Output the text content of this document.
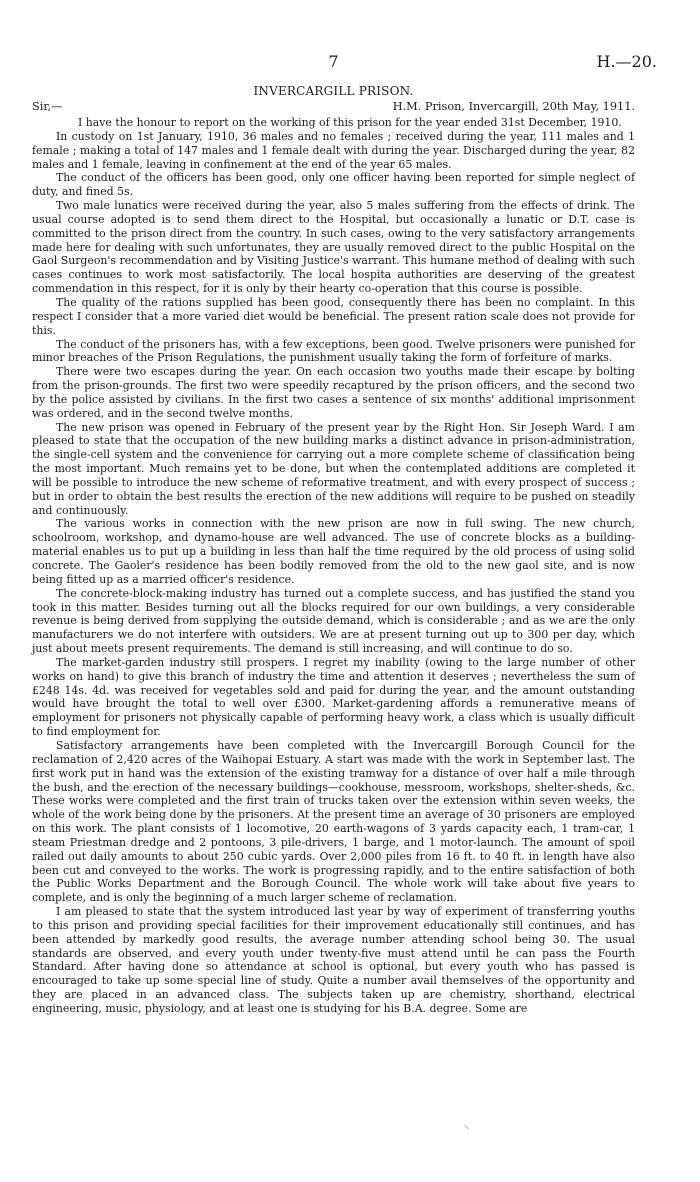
7	H.—20.
INVERCARGILL PRISON.
Sir,—	H.M. Prison, Invercargill, 20th May, 1911.

I have the honour to report on the working of this prison for the year ended 31st December, 1910.

In custody on 1st January, 1910, 36 males and no females ; received during the year, 111 males and 1 female ; making a total of 147 males and 1 female dealt with during the year. Discharged during the year, 82 males and 1 female, leaving in confinement at the end of the year 65 males.

The conduct of the officers has been good, only one officer having been reported for simple neglect of duty, and fined 5s.

Two male lunatics were received during the year, also 5 males suffering from the effects of drink. The usual course adopted is to send them direct to the Hospital, but occasionally a lunatic or D.T. case is committed to the prison direct from the country. In such cases, owing to the very satisfactory arrangements made here for dealing with such unfortunates, they are usually removed direct to the public Hospital on the Gaol Surgeon's recommendation and by Visiting Justice's warrant. This humane method of dealing with such cases continues to work most satisfactorily. The local hospita authorities are deserving of the greatest commendation in this respect, for it is only by their hearty co-operation that this course is possible.

The quality of the rations supplied has been good, consequently there has been no complaint. In this respect I consider that a more varied diet would be beneficial. The present ration scale does not provide for this.

The conduct of the prisoners has, with a few exceptions, been good. Twelve prisoners were punished for minor breaches of the Prison Regulations, the punishment usually taking the form of forfeiture of marks.

There were two escapes during the year. On each occasion two youths made their escape by bolting from the prison-grounds. The first two were speedily recaptured by the prison officers, and the second two by the police assisted by civilians. In the first two cases a sentence of six months' additional imprisonment was ordered, and in the second twelve months.

The new prison was opened in February of the present year by the Right Hon. Sir Joseph Ward. I am pleased to state that the occupation of the new building marks a distinct advance in prison-administration, the single-cell system and the convenience for carrying out a more complete scheme of classification being the most important. Much remains yet to be done, but when the contemplated additions are completed it will be possible to introduce the new scheme of reformative treatment, and with every prospect of success ; but in order to obtain the best results the erection of the new additions will require to be pushed on steadily and continuously.

The various works in connection with the new prison are now in full swing. The new church, schoolroom, workshop, and dynamo-house are well advanced. The use of concrete blocks as a building-material enables us to put up a building in less than half the time required by the old process of using solid concrete. The Gaoler's residence has been bodily removed from the old to the new gaol site, and is now being fitted up as a married officer's residence.

The concrete-block-making industry has turned out a complete success, and has justified the stand you took in this matter. Besides turning out all the blocks required for our own buildings, a very considerable revenue is being derived from supplying the outside demand, which is considerable ; and as we are the only manufacturers we do not interfere with outsiders. We are at present turning out up to 300 per day, which just about meets present requirements. The demand is still increasing, and will continue to do so.

The market-garden industry still prospers. I regret my inability (owing to the large number of other works on hand) to give this branch of industry the time and attention it deserves ; nevertheless the sum of £248 14s. 4d. was received for vegetables sold and paid for during the year, and the amount outstanding would have brought the total to well over £300. Market-gardening affords a remunerative means of employment for prisoners not physically capable of performing heavy work, a class which is usually difficult to find employment for.

Satisfactory arrangements have been completed with the Invercargill Borough Council for the reclamation of 2,420 acres of the Waihopai Estuary. A start was made with the work in September last. The first work put in hand was the extension of the existing tramway for a distance of over half a mile through the bush, and the erection of the necessary buildings—cookhouse, messroom, workshops, shelter-sheds, &c. These works were completed and the first train of trucks taken over the extension within seven weeks, the whole of the work being done by the prisoners. At the present time an average of 30 prisoners are employed on this work. The plant consists of 1 locomotive, 20 earth-wagons of 3 yards capacity each, 1 tram-car, 1 steam Priestman dredge and 2 pontoons, 3 pile-drivers, 1 barge, and 1 motor-launch. The amount of spoil railed out daily amounts to about 250 cubic yards. Over 2,000 piles from 16 ft. to 40 ft. in length have also been cut and conveyed to the works. The work is progressing rapidly, and to the entire satisfaction of both the Public Works Department and the Borough Council. The whole work will take about five years to complete, and is only the beginning of a much larger scheme of reclamation.

I am pleased to state that the system introduced last year by way of experiment of transferring youths to this prison and providing special facilities for their improvement educationally still continues, and has been attended by markedly good results, the average number attending school being 30. The usual standards are observed, and every youth under twenty-five must attend until he can pass the Fourth Standard. After having done so attendance at school is optional, but every youth who has passed is encouraged to take up some special line of study. Quite a number avail themselves of the opportunity and they are placed in an advanced class. The subjects taken up are chemistry, shorthand, electrical engineering, music, physiology, and at least one is studying for his B.A. degree. Some are
